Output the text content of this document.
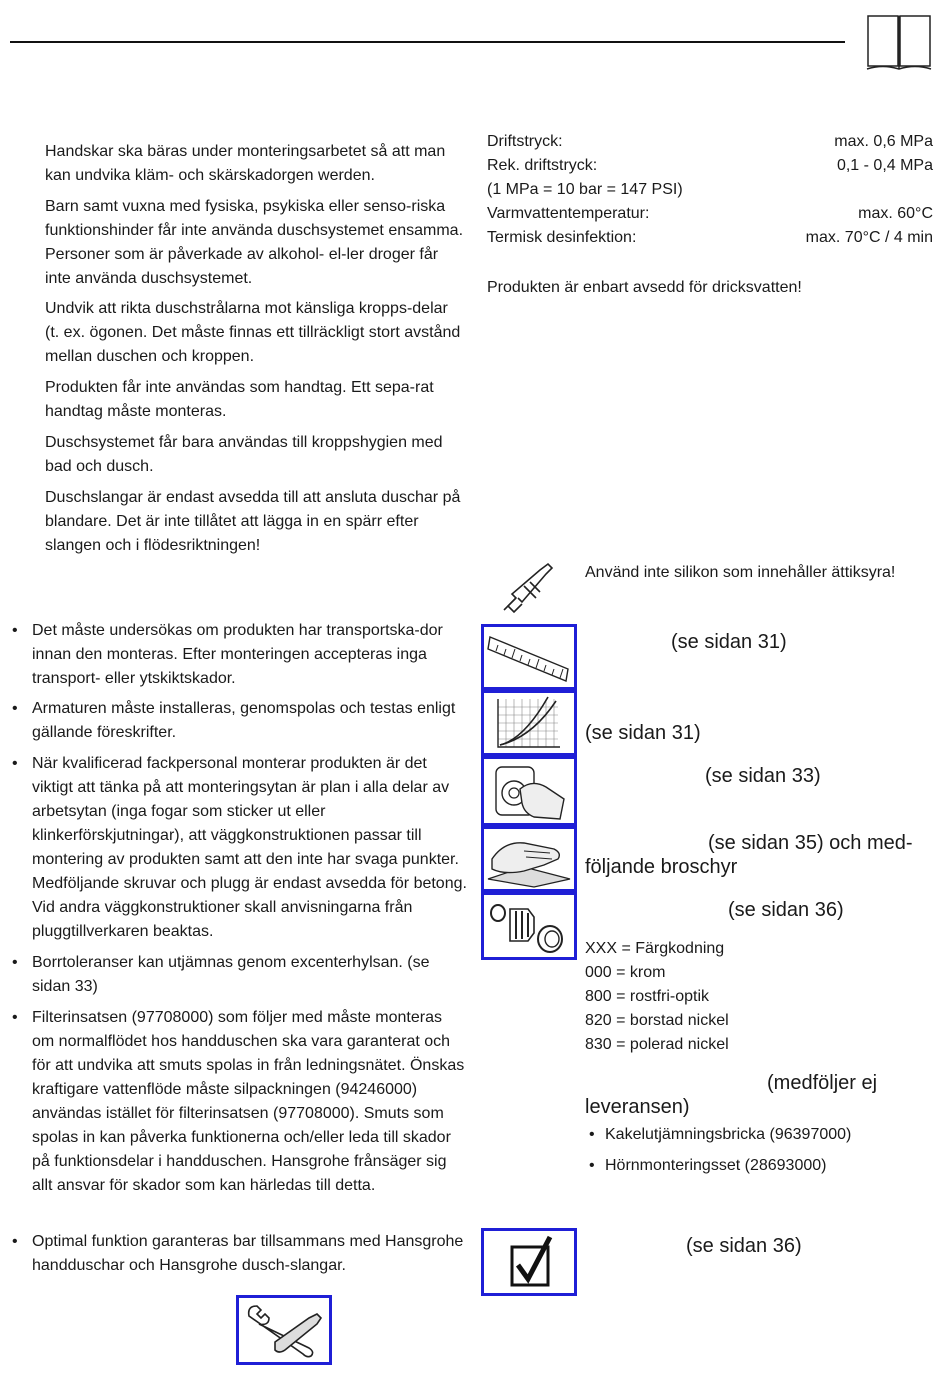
Handskar ska bäras under monteringsarbetet så att man kan undvika kläm- och skärskadorgen werden.

Barn samt vuxna med fysiska, psykiska eller senso-riska funktionshinder får inte använda duschsystemet ensamma. Personer som är påverkade av alkohol- el-ler droger får inte använda duschsystemet.

Undvik att rikta duschstrålarna mot känsliga kropps-delar (t. ex. ögonen. Det måste finnas ett tillräckligt stort avstånd mellan duschen och kroppen.

Produkten får inte användas som handtag. Ett sepa-rat handtag måste monteras.

Duschsystemet får bara användas till kroppshygien med bad och dusch.

Duschslangar är endast avsedda till att ansluta duschar på blandare. Det är inte tillåtet att lägga in en spärr efter slangen och i flödesriktningen!

• Det måste undersökas om produkten har transportska-dor innan den monteras. Efter monteringen accepteras inga transport- eller ytskiktskador.
• Armaturen måste installeras, genomspolas och testas enligt gällande föreskrifter.
• När kvalificerad fackpersonal monterar produkten är det viktigt att tänka på att monteringsytan är plan i alla delar av arbetsytan (inga fogar som sticker ut eller klinkerförskjutningar), att väggkonstruktionen passar till montering av produkten samt att den inte har svaga punkter. Medföljande skruvar och plugg är endast avsedda för betong. Vid andra väggkonstruktioner skall anvisningarna från pluggtillverkaren beaktas.
• Borrtoleranser kan utjämnas genom excenterhylsan. (se sidan 33)
• Filterinsatsen (97708000) som följer med måste monteras om normalflödet hos handduschen ska vara garanterat och för att undvika att smuts spolas in från ledningsnätet. Önskas kraftigare vattenflöde måste silpackningen (94246000) användas istället för filterinsatsen (97708000). Smuts som spolas in kan påverka funktionerna och/eller leda till skador på funktionsdelar i handduschen. Hansgrohe frånsäger sig allt ansvar för skador som kan härledas till detta.
• Optimal funktion garanteras bar tillsammans med Hansgrohe handduschar och Hansgrohe dusch-slangar.
Driftstryck:	max. 0,6 MPa
Rek. driftstryck:	0,1 - 0,4 MPa
(1 MPa = 10 bar = 147 PSI)
Varmvattentemperatur:	max. 60°C
Termisk desinfektion:	max. 70°C / 4 min
Produkten är enbart avsedd för dricksvatten!
Använd inte silikon som innehåller ättiksyra!
(se sidan 31)
(se sidan 31)
(se sidan 33)
(se sidan 35) och med-
följande broschyr
(se sidan 36)
XXX = Färgkodning
000 = krom
800 = rostfri-optik
820 = borstad nickel
830 = polerad nickel
(medföljer ej
leveransen)
• Kakelutjämningsbricka (96397000)
• Hörnmonteringsset (28693000)
(se sidan 36)
